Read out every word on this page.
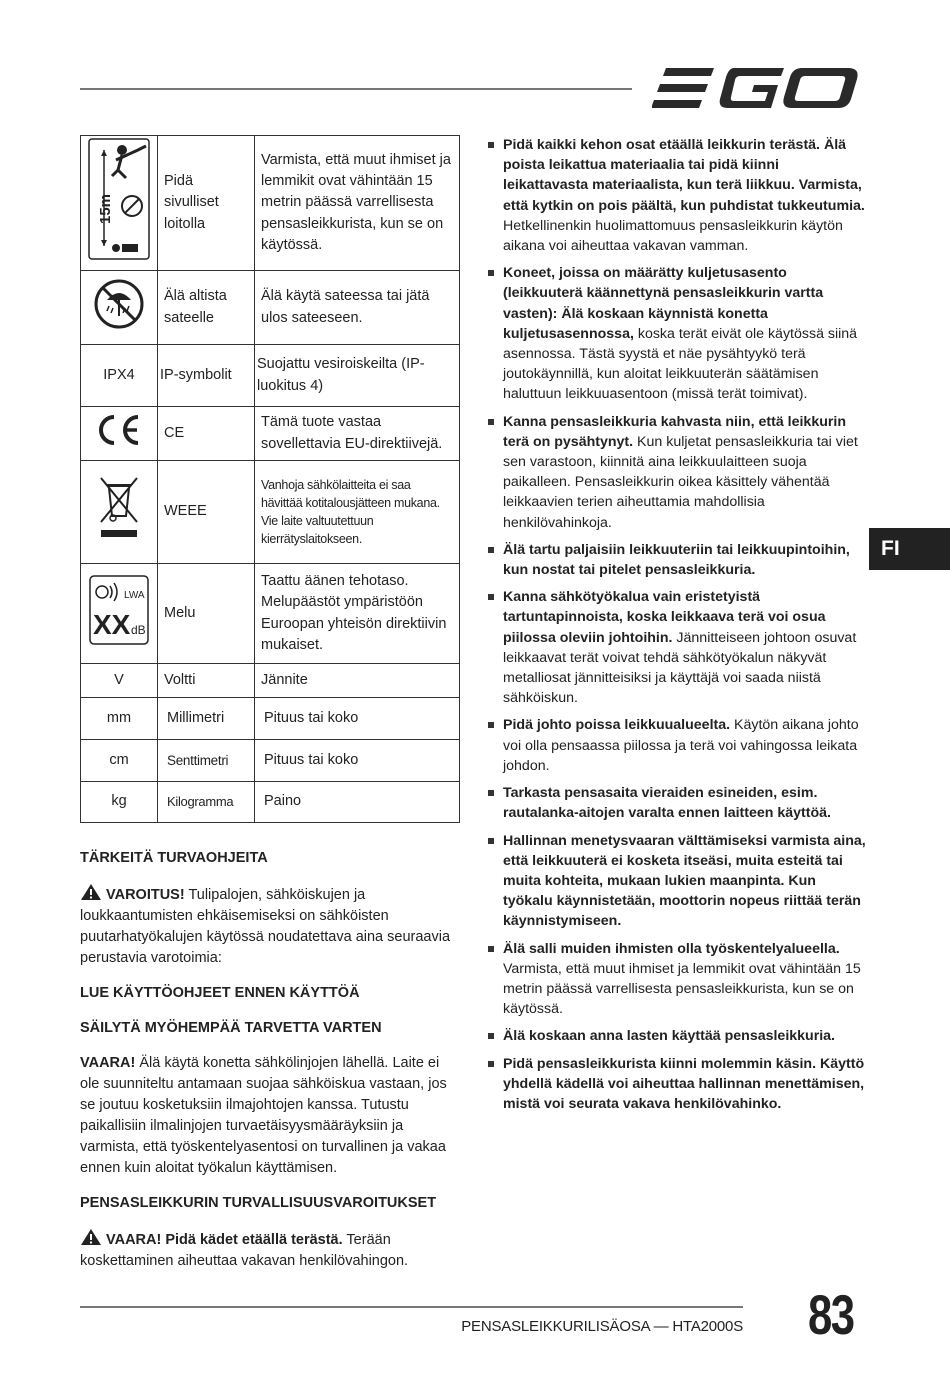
FI
15m	Pidä sivulliset loitolla	Varmista, että muut ihmiset ja lemmikit ovat vähintään 15 metrin päässä varrellisesta pensasleikkurista, kun se on käytössä.
	Älä altista sateelle	Älä käytä sateessa tai jätä ulos sateeseen.
IPX4	IP-symbolit	Suojattu vesiroiskeilta (IP-luokitus 4)
	CE	Tämä tuote vastaa sovellettavia EU-direktiivejä.
	WEEE	Vanhoja sähkölaitteita ei saa hävittää kotitalousjätteen mukana. Vie laite valtuutettuun kierrätyslaitokseen.

LWA
XX dB	Melu	Taattu äänen tehotaso. Melupäästöt ympäristöön Euroopan yhteisön direktiivin mukaiset.
V	Voltti	Jännite
mm	Millimetri	Pituus tai koko
cm	Senttimetri	Pituus tai koko
kg	Kilogramma	Paino
TÄRKEITÄ TURVAOHJEITA

VAROITUS! Tulipalojen, sähköiskujen ja loukkaantumisten ehkäisemiseksi on sähköisten puutarhatyökalujen käytössä noudatettava aina seuraavia perustavia varotoimia:

LUE KÄYTTÖOHJEET ENNEN KÄYTTÖÄ
SÄILYTÄ MYÖHEMPÄÄ TARVETTA VARTEN

VAARA! Älä käytä konetta sähkölinjojen lähellä. Laite ei ole suunniteltu antamaan suojaa sähköiskua vastaan, jos se joutuu kosketuksiin ilmajohtojen kanssa. Tutustu paikallisiin ilmalinjojen turvaetäisyysmääräyksiin ja varmista, että työskentelyasentosi on turvallinen ja vakaa ennen kuin aloitat työkalun käyttämisen.

PENSASLEIKKURIN TURVALLISUUSVAROITUKSET

VAARA! Pidä kädet etäällä terästä. Terään koskettaminen aiheuttaa vakavan henkilövahingon.

Pidä kaikki kehon osat etäällä leikkurin terästä. Älä poista leikattua materiaalia tai pidä kiinni leikattavasta materiaalista, kun terä liikkuu. Varmista, että kytkin on pois päältä, kun puhdistat tukkeutumia. Hetkellinenkin huolimattomuus pensasleikkurin käytön aikana voi aiheuttaa vakavan vamman.
Koneet, joissa on määrätty kuljetusasento (leikkuuterä käännettynä pensasleikkurin vartta vasten): Älä koskaan käynnistä konetta kuljetusasennossa, koska terät eivät ole käytössä siinä asennossa. Tästä syystä et näe pysähtyykö terä joutokäynnillä, kun aloitat leikkuuterän säätämisen haluttuun leikkuuasentoon (missä terät toimivat).
Kanna pensasleikkuria kahvasta niin, että leikkurin terä on pysähtynyt. Kun kuljetat pensasleikkuria tai viet sen varastoon, kiinnitä aina leikkuulaitteen suoja paikalleen. Pensasleikkurin oikea käsittely vähentää leikkaavien terien aiheuttamia mahdollisia henkilövahinkoja.
Älä tartu paljaisiin leikkuuteriin tai leikkuupintoihin, kun nostat tai pitelet pensasleikkuria.
Kanna sähkötyökalua vain eristetyistä tartuntapinnoista, koska leikkaava terä voi osua piilossa oleviin johtoihin. Jännitteiseen johtoon osuvat leikkaavat terät voivat tehdä sähkötyökalun näkyvät metalliosat jännitteisiksi ja käyttäjä voi saada niistä sähköiskun.
Pidä johto poissa leikkuualueelta. Käytön aikana johto voi olla pensaassa piilossa ja terä voi vahingossa leikata johdon.
Tarkasta pensasaita vieraiden esineiden, esim. rautalanka-aitojen varalta ennen laitteen käyttöä.
Hallinnan menetysvaaran välttämiseksi varmista aina, että leikkuuterä ei kosketa itseäsi, muita esteitä tai muita kohteita, mukaan lukien maanpinta. Kun työkalu käynnistetään, moottorin nopeus riittää terän käynnistymiseen.
Älä salli muiden ihmisten olla työskentelyalueella. Varmista, että muut ihmiset ja lemmikit ovat vähintään 15 metrin päässä varrellisesta pensasleikkurista, kun se on käytössä.
Älä koskaan anna lasten käyttää pensasleikkuria.
Pidä pensasleikkurista kiinni molemmin käsin. Käyttö yhdellä kädellä voi aiheuttaa hallinnan menettämisen, mistä voi seurata vakava henkilövahinko.
PENSASLEIKKURILISÄOSA — HTA2000S 83
